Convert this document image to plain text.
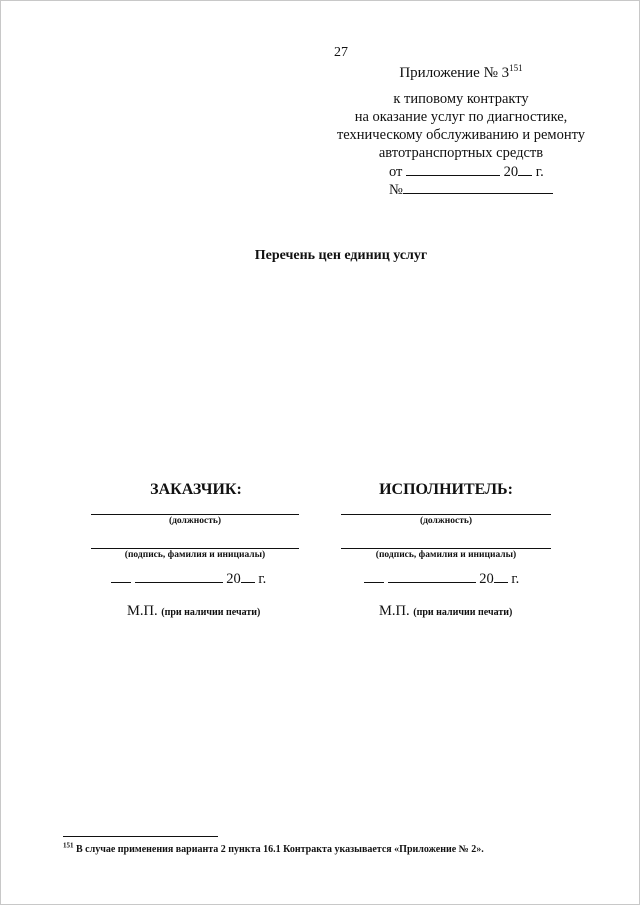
27
Приложение № $3^{151}$
к типовому контракту
на оказание услуг по диагностике,
техническому обслуживанию и ремонту
автотранспортных средств
от	20 г.
№
Перечень цен единиц услуг
ЗАКАЗЧИК:
(должность)
(подпись, фамилия и инициалы)
20 г.
М.П. (при наличии печати)
ИСПОЛНИТЕЛЬ:
(должность)
(подпись, фамилия и инициалы)
20 г.
М.П. (при наличии печати)
$^{151}$ В случае применения варианта 2 пункта 16.1 Контракта указывается «Приложение № 2».
